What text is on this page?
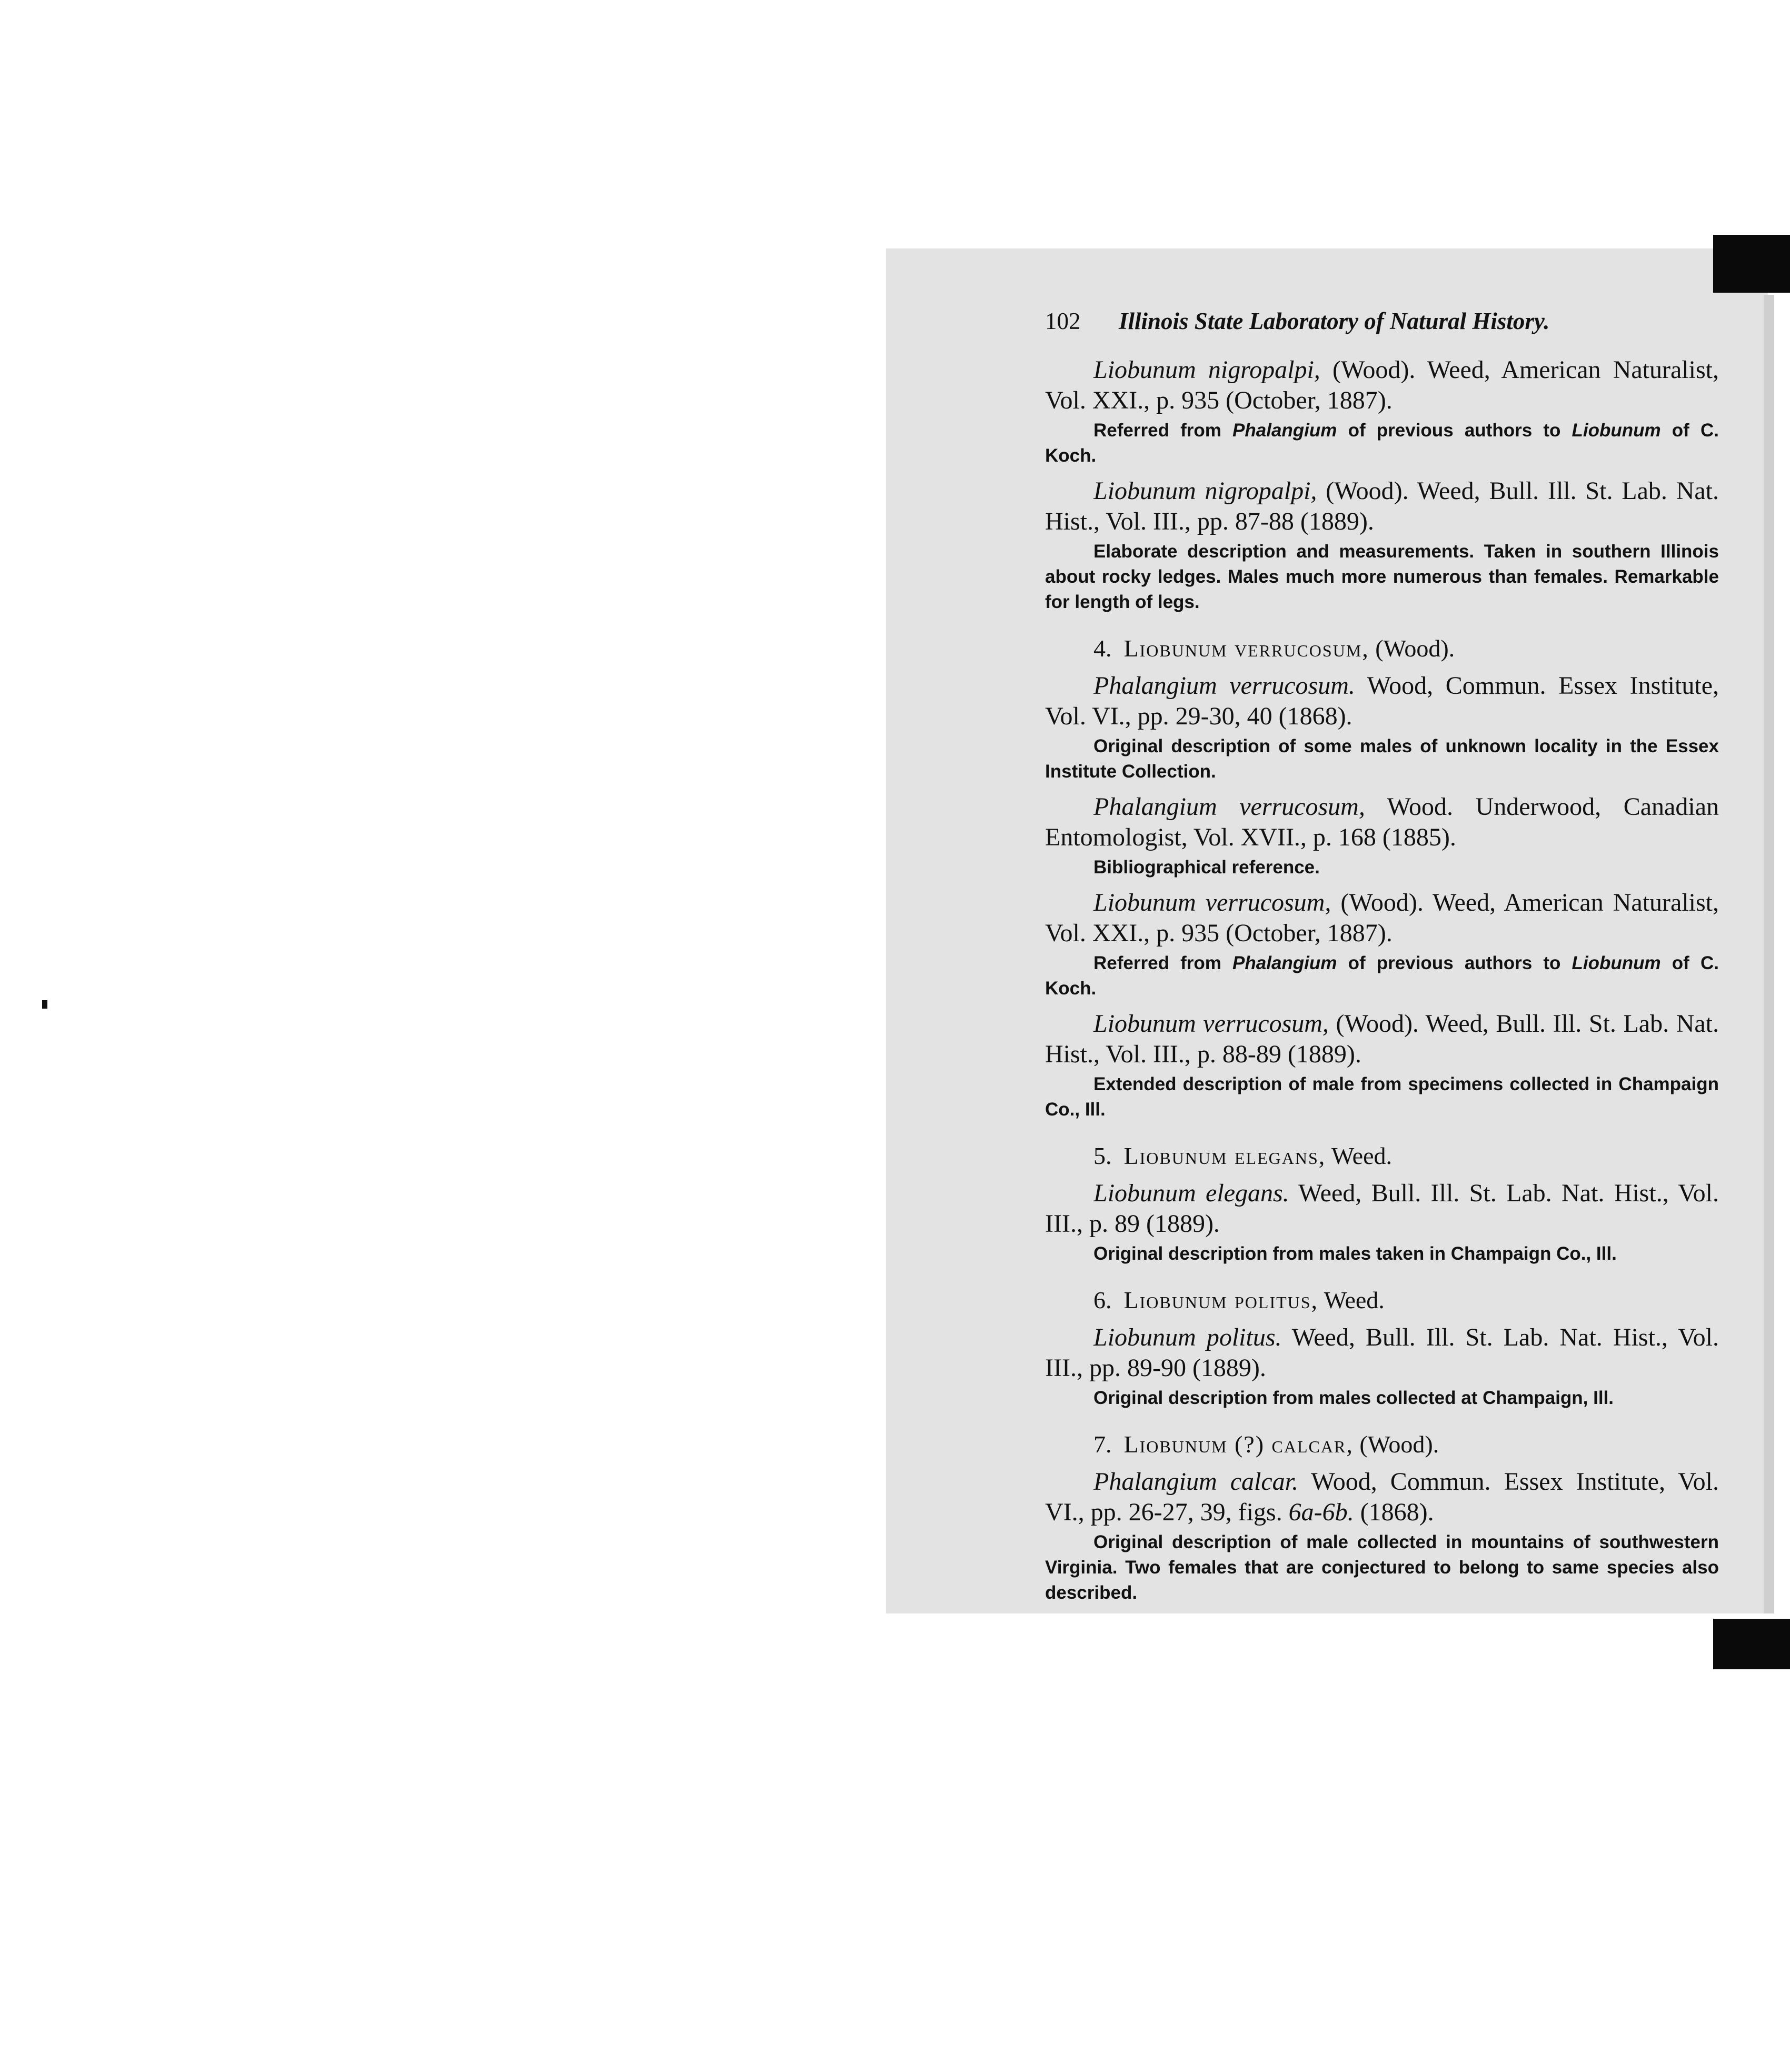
102	Illinois State Laboratory of Natural History.
Liobunum nigropalpi, (Wood). Weed, American Naturalist, Vol. XXI., p. 935 (October, 1887).
Referred from Phalangium of previous authors to Liobunum of C. Koch.
Liobunum nigropalpi, (Wood). Weed, Bull. Ill. St. Lab. Nat. Hist., Vol. III., pp. 87-88 (1889).
Elaborate description and measurements. Taken in southern Illinois about rocky ledges. Males much more numerous than females. Remarkable for length of legs.
4. Liobunum verrucosum, (Wood).
Phalangium verrucosum. Wood, Commun. Essex Institute, Vol. VI., pp. 29-30, 40 (1868).
Original description of some males of unknown locality in the Essex Institute Collection.
Phalangium verrucosum, Wood. Underwood, Canadian Entomologist, Vol. XVII., p. 168 (1885).
Bibliographical reference.
Liobunum verrucosum, (Wood). Weed, American Naturalist, Vol. XXI., p. 935 (October, 1887).
Referred from Phalangium of previous authors to Liobunum of C. Koch.
Liobunum verrucosum, (Wood). Weed, Bull. Ill. St. Lab. Nat. Hist., Vol. III., p. 88-89 (1889).
Extended description of male from specimens collected in Champaign Co., Ill.
5. Liobunum elegans, Weed.
Liobunum elegans. Weed, Bull. Ill. St. Lab. Nat. Hist., Vol. III., p. 89 (1889).
Original description from males taken in Champaign Co., Ill.
6. Liobunum politus, Weed.
Liobunum politus. Weed, Bull. Ill. St. Lab. Nat. Hist., Vol. III., pp. 89-90 (1889).
Original description from males collected at Champaign, Ill.
7. Liobunum (?) calcar, (Wood).
Phalangium calcar. Wood, Commun. Essex Institute, Vol. VI., pp. 26-27, 39, figs. 6a-6b. (1868).
Original description of male collected in mountains of southwestern Virginia. Two females that are conjectured to belong to same species also described.
